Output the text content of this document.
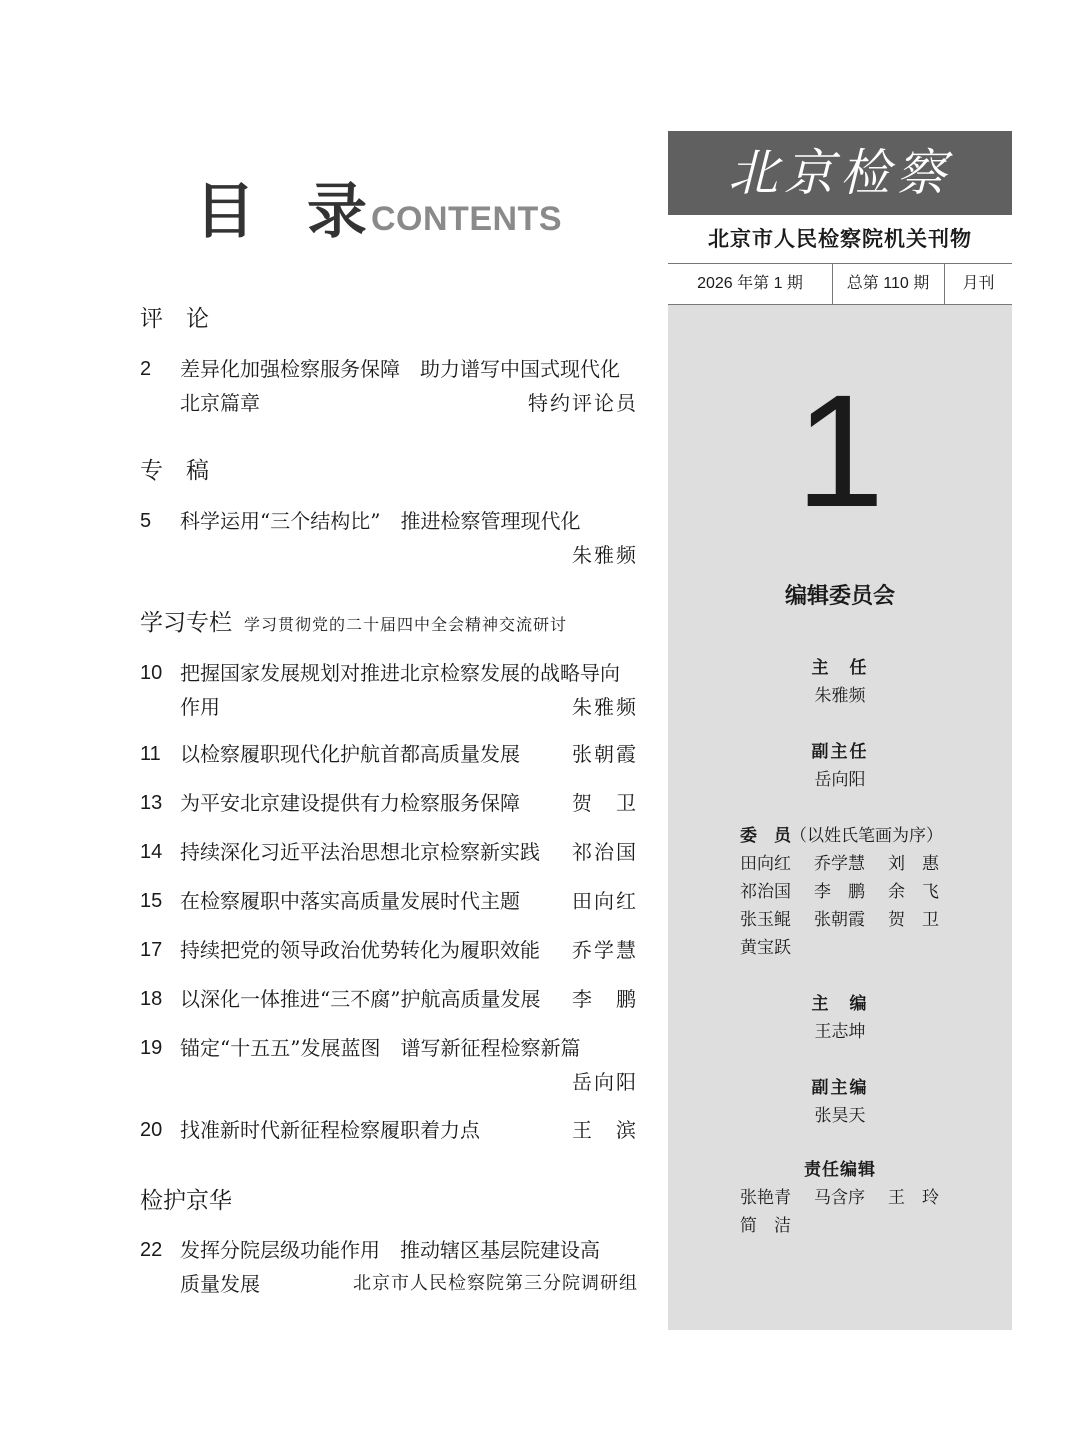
目 录 CONTENTS
评　论
2 差异化加强检察服务保障　助力谱写中国式现代化
北京篇章	特约评论员
专　稿
5 科学运用“三个结构比”　推进检察管理现代化
朱雅频
学习专栏 学习贯彻党的二十届四中全会精神交流研讨
10 把握国家发展规划对推进北京检察发展的战略导向
作用	朱雅频
11 以检察履职现代化护航首都高质量发展	张朝霞
13 为平安北京建设提供有力检察服务保障	贺　卫
14 持续深化习近平法治思想北京检察新实践	祁治国
15 在检察履职中落实高质量发展时代主题	田向红
17 持续把党的领导政治优势转化为履职效能	乔学慧
18 以深化一体推进“三不腐”护航高质量发展	李　鹏
19 锚定“十五五”发展蓝图　谱写新征程检察新篇
岳向阳
20 找准新时代新征程检察履职着力点	王　滨
检护京华
22 发挥分院层级功能作用　推动辖区基层院建设高
质量发展	北京市人民检察院第三分院调研组
北京检察
北京市人民检察院机关刊物
2026 年第 1 期	总第 110 期	月刊
1
编辑委员会
主　任
朱雅频
副主任
岳向阳
委　员 （以姓氏笔画为序）
田向红 乔学慧 刘　惠
祁治国 李　鹏 余　飞
张玉鲲 张朝霞 贺　卫
黄宝跃
主　编
王志坤
副主编
张昊天
责任编辑
张艳青 马含序 王　玲
简　洁
